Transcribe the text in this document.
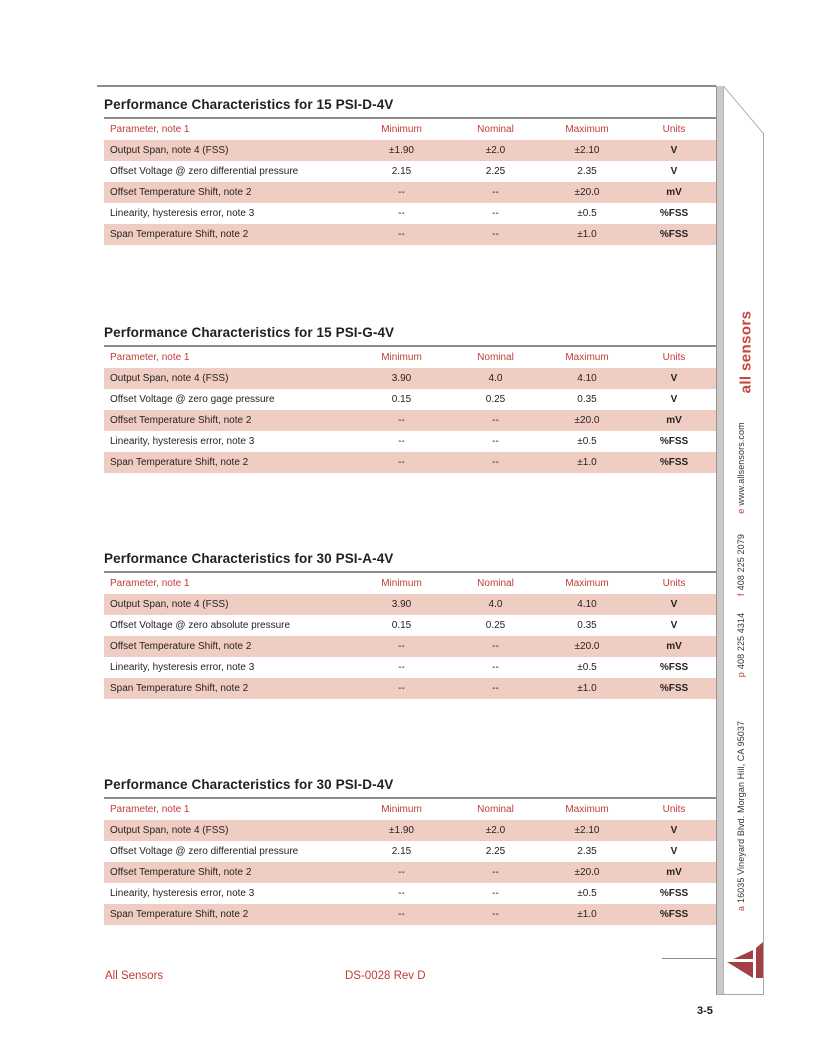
Performance Characteristics for 15 PSI-D-4V
Parameter, note 1	Minimum	Nominal	Maximum	Units
Output Span, note 4 (FSS)	±1.90	±2.0	±2.10	V
Offset Voltage @ zero differential pressure	2.15	2.25	2.35	V
Offset Temperature Shift, note 2	--	--	±20.0	mV
Linearity, hysteresis error, note 3	--	--	±0.5	%FSS
Span Temperature Shift, note 2	--	--	±1.0	%FSS
Performance Characteristics for 15 PSI-G-4V
Parameter, note 1	Minimum	Nominal	Maximum	Units
Output Span, note 4 (FSS)	3.90	4.0	4.10	V
Offset Voltage @ zero gage pressure	0.15	0.25	0.35	V
Offset Temperature Shift, note 2	--	--	±20.0	mV
Linearity, hysteresis error, note 3	--	--	±0.5	%FSS
Span Temperature Shift, note 2	--	--	±1.0	%FSS
Performance Characteristics for 30 PSI-A-4V
Parameter, note 1	Minimum	Nominal	Maximum	Units
Output Span, note 4 (FSS)	3.90	4.0	4.10	V
Offset Voltage @ zero absolute pressure	0.15	0.25	0.35	V
Offset Temperature Shift, note 2	--	--	±20.0	mV
Linearity, hysteresis error, note 3	--	--	±0.5	%FSS
Span Temperature Shift, note 2	--	--	±1.0	%FSS
Performance Characteristics for 30 PSI-D-4V
Parameter, note 1	Minimum	Nominal	Maximum	Units
Output Span, note 4 (FSS)	±1.90	±2.0	±2.10	V
Offset Voltage @ zero differential pressure	2.15	2.25	2.35	V
Offset Temperature Shift, note 2	--	--	±20.0	mV
Linearity, hysteresis error, note 3	--	--	±0.5	%FSS
Span Temperature Shift, note 2	--	--	±1.0	%FSS
all sensors
ewww.allsensors.com
f408 225 2079
p408 225 4314
a16035 Vineyard Blvd. Morgan Hill, CA 95037
All Sensors	DS-0028 Rev D
3-5
